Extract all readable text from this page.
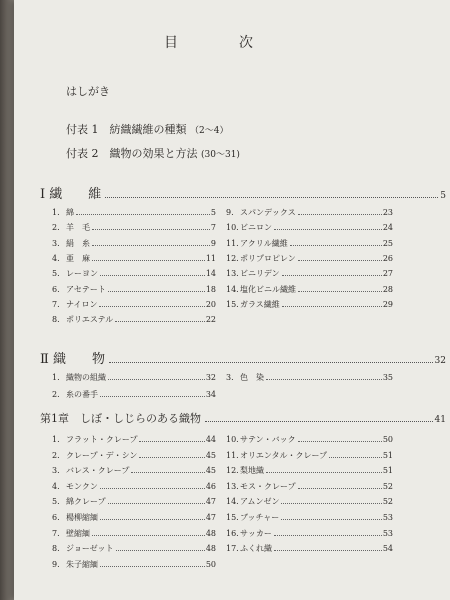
目	次
はしがき
付表 1　紡織繊維の種類 （2〜4）
付表 2　織物の効果と方法 (30〜31)
Ⅰ 繊　　維	5
1. 綿	5
2. 羊　毛	7
3. 絹　糸	9
4. 亜　麻	11
5. レーヨン	14
6. アセテート	18
7. ナイロン	20
8. ポリエステル	22
9. スパンデックス	23
10. ビニロン	24
11. アクリル繊維	25
12. ポリプロピレン	26
13. ビニリデン	27
14. 塩化ビニル繊維	28
15. ガラス繊維	29
Ⅱ 織　　物	32
1. 織物の組織	32
2. 糸の番手	34
3. 色　染	35
第1章　しぼ・しじらのある織物	41
1. フラット・クレープ	44
2. クレープ・デ・シン	45
3. バレス・クレープ	45
4. モンクン	46
5. 綿クレープ	47
6. 楊柳縮緬	47
7. 壁縮緬	48
8. ジョーゼット	48
9. 朱子縮緬	50
10. サテン・バック	50
11. オリエンタル・クレープ	51
12. 梨地織	51
13. モス・クレープ	52
14. アムンゼン	52
15. ブッチャー	53
16. サッカー	53
17. ふくれ織	54
